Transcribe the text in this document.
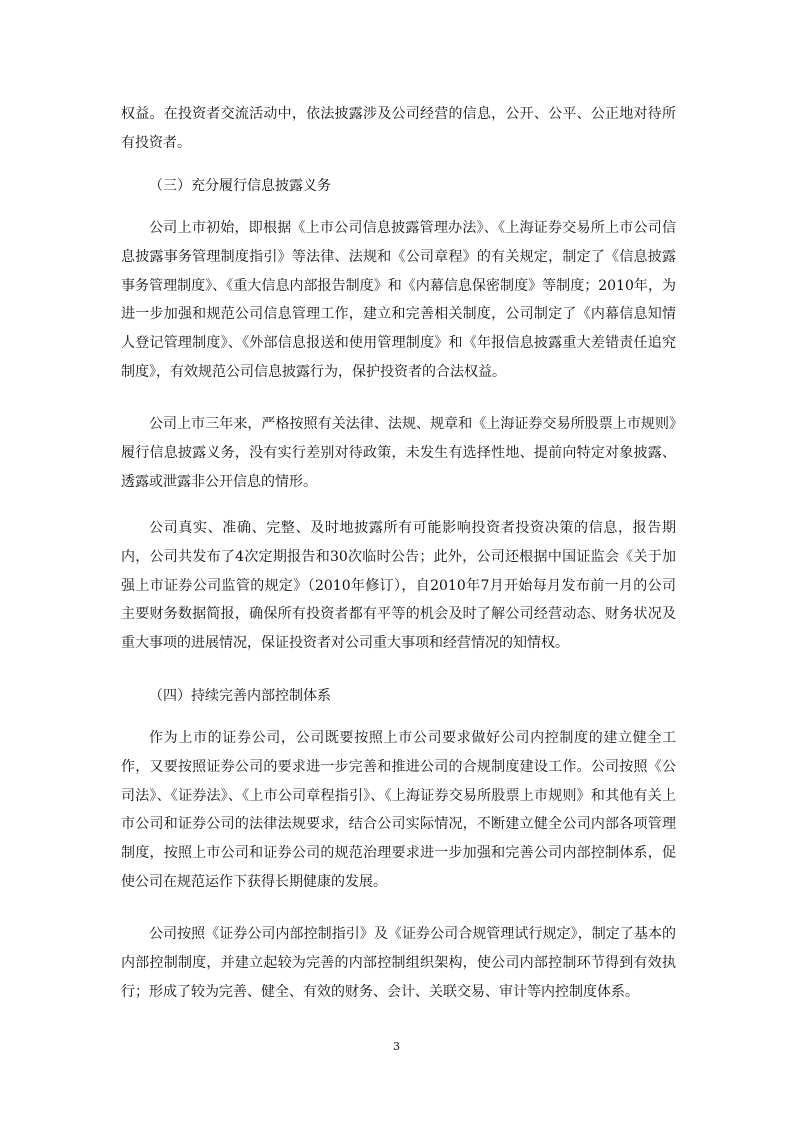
权益。在投资者交流活动中，依法披露涉及公司经营的信息，公开、公平、公正地对待所有投资者。

（三）充分履行信息披露义务

公司上市初始，即根据《上市公司信息披露管理办法》、《上海证券交易所上市公司信息披露事务管理制度指引》等法律、法规和《公司章程》的有关规定，制定了《信息披露事务管理制度》、《重大信息内部报告制度》和《内幕信息保密制度》等制度；2010年，为进一步加强和规范公司信息管理工作，建立和完善相关制度，公司制定了《内幕信息知情人登记管理制度》、《外部信息报送和使用管理制度》和《年报信息披露重大差错责任追究制度》，有效规范公司信息披露行为，保护投资者的合法权益。

公司上市三年来，严格按照有关法律、法规、规章和《上海证券交易所股票上市规则》履行信息披露义务，没有实行差别对待政策，未发生有选择性地、提前向特定对象披露、透露或泄露非公开信息的情形。

公司真实、准确、完整、及时地披露所有可能影响投资者投资决策的信息，报告期内，公司共发布了4次定期报告和30次临时公告；此外，公司还根据中国证监会《关于加强上市证券公司监管的规定》（2010年修订），自2010年7月开始每月发布前一月的公司主要财务数据简报，确保所有投资者都有平等的机会及时了解公司经营动态、财务状况及重大事项的进展情况，保证投资者对公司重大事项和经营情况的知情权。

（四）持续完善内部控制体系

作为上市的证券公司，公司既要按照上市公司要求做好公司内控制度的建立健全工作，又要按照证券公司的要求进一步完善和推进公司的合规制度建设工作。公司按照《公司法》、《证券法》、《上市公司章程指引》、《上海证券交易所股票上市规则》和其他有关上市公司和证券公司的法律法规要求，结合公司实际情况，不断建立健全公司内部各项管理制度，按照上市公司和证券公司的规范治理要求进一步加强和完善公司内部控制体系，促使公司在规范运作下获得长期健康的发展。

公司按照《证券公司内部控制指引》及《证券公司合规管理试行规定》，制定了基本的内部控制制度，并建立起较为完善的内部控制组织架构，使公司内部控制环节得到有效执行；形成了较为完善、健全、有效的财务、会计、关联交易、审计等内控制度体系。

3
